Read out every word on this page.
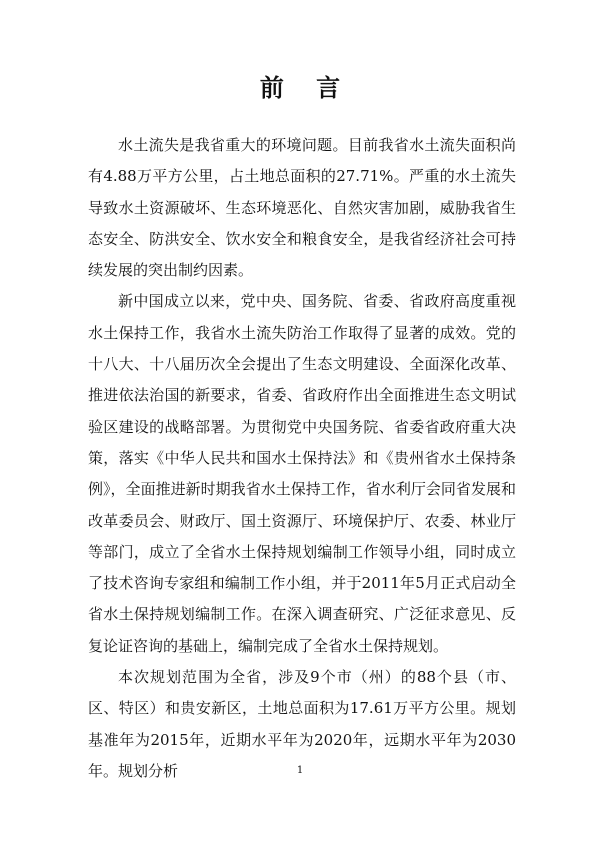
前 言

水土流失是我省重大的环境问题。目前我省水土流失面积尚有4.88万平方公里，占土地总面积的27.71%。严重的水土流失导致水土资源破坏、生态环境恶化、自然灾害加剧，威胁我省生态安全、防洪安全、饮水安全和粮食安全，是我省经济社会可持续发展的突出制约因素。

新中国成立以来，党中央、国务院、省委、省政府高度重视水土保持工作，我省水土流失防治工作取得了显著的成效。党的十八大、十八届历次全会提出了生态文明建设、全面深化改革、推进依法治国的新要求，省委、省政府作出全面推进生态文明试验区建设的战略部署。为贯彻党中央国务院、省委省政府重大决策，落实《中华人民共和国水土保持法》和《贵州省水土保持条例》，全面推进新时期我省水土保持工作，省水利厅会同省发展和改革委员会、财政厅、国土资源厅、环境保护厅、农委、林业厅等部门，成立了全省水土保持规划编制工作领导小组，同时成立了技术咨询专家组和编制工作小组，并于2011年5月正式启动全省水土保持规划编制工作。在深入调查研究、广泛征求意见、反复论证咨询的基础上，编制完成了全省水土保持规划。

本次规划范围为全省，涉及9个市（州）的88个县（市、区、特区）和贵安新区，土地总面积为17.61万平方公里。规划基准年为2015年，近期水平年为2020年，远期水平年为2030年。规划分析	1
